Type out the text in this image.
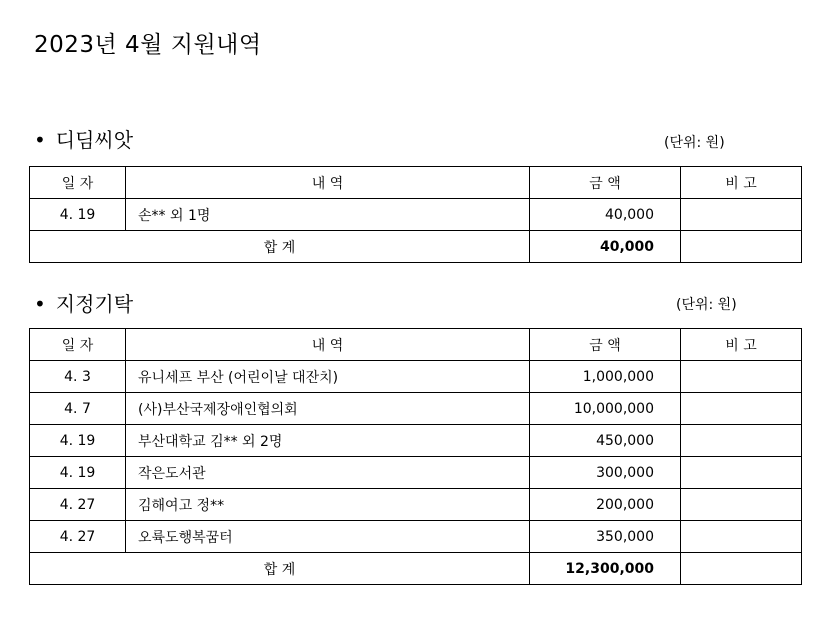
2023년 4월 지원내역
• 디딤씨앗	(단위: 원)
일 자	내 역	금 액	비 고
4. 19	손** 외 1명	40,000	
합 계		40,000	
• 지정기탁	(단위: 원)
일 자	내 역	금 액	비 고
4. 3	유니세프 부산 (어린이날 대잔치)	1,000,000	
4. 7	(사)부산국제장애인협의회	10,000,000	
4. 19	부산대학교 김** 외 2명	450,000	
4. 19	작은도서관	300,000	
4. 27	김해여고 정**	200,000	
4. 27	오륙도행복꿈터	350,000	
합 계		12,300,000	
